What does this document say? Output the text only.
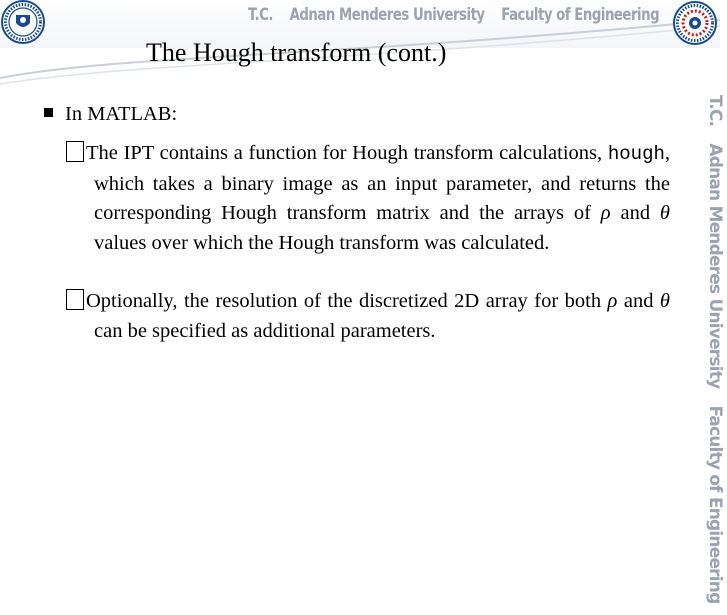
T.C. Adnan Menderes University Faculty of Engineering
The Hough transform (cont.)
T.C. Adnan Menderes University Faculty of Engineering
In MATLAB:
The IPT contains a function for Hough transform calculations, hough, which takes a binary image as an input parameter, and returns the corresponding Hough transform matrix and the arrays of ρ and θ values over which the Hough transform was calculated.
Optionally, the resolution of the discretized 2D array for both ρ and θ can be specified as additional parameters.
